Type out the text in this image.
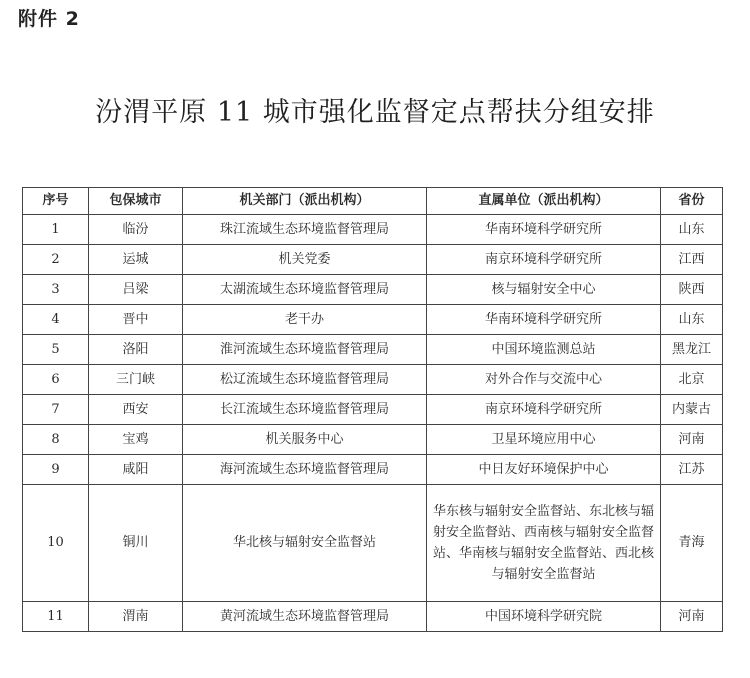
附件 2
汾渭平原 11 城市强化监督定点帮扶分组安排
序号	包保城市	机关部门（派出机构）	直属单位（派出机构）	省份
1	临汾	珠江流域生态环境监督管理局	华南环境科学研究所	山东
2	运城	机关党委	南京环境科学研究所	江西
3	吕梁	太湖流域生态环境监督管理局	核与辐射安全中心	陕西
4	晋中	老干办	华南环境科学研究所	山东
5	洛阳	淮河流域生态环境监督管理局	中国环境监测总站	黑龙江
6	三门峡	松辽流域生态环境监督管理局	对外合作与交流中心	北京
7	西安	长江流域生态环境监督管理局	南京环境科学研究所	内蒙古
8	宝鸡	机关服务中心	卫星环境应用中心	河南
9	咸阳	海河流域生态环境监督管理局	中日友好环境保护中心	江苏
10	铜川	华北核与辐射安全监督站	华东核与辐射安全监督站、东北核与辐射安全监督站、西南核与辐射安全监督站、华南核与辐射安全监督站、西北核与辐射安全监督站	青海
11	渭南	黄河流域生态环境监督管理局	中国环境科学研究院	河南
